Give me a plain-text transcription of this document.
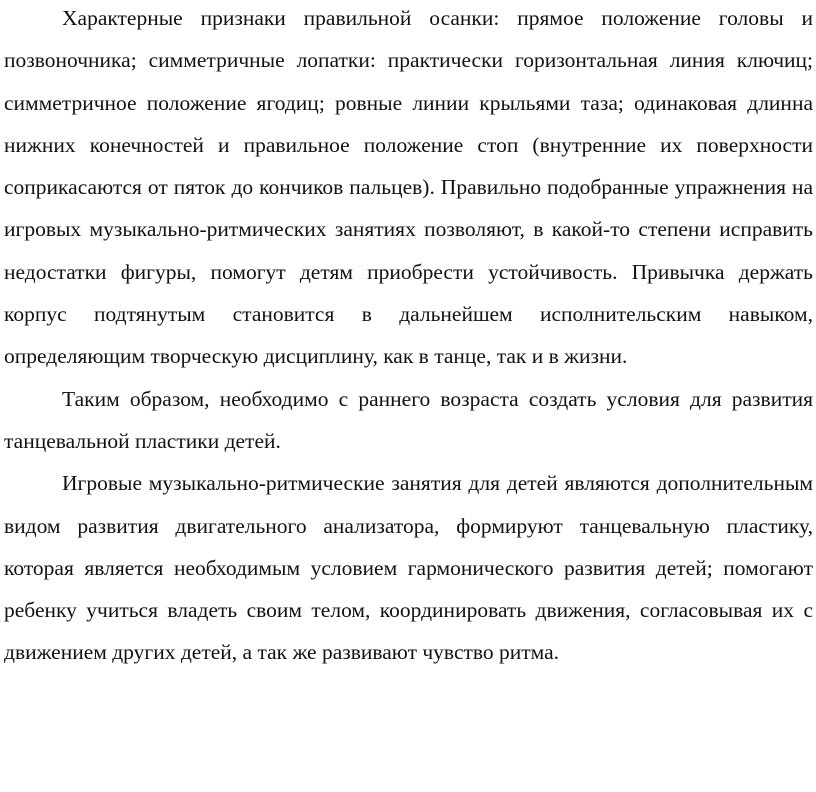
Характерные признаки правильной осанки: прямое положение головы и позвоночника; симметричные лопатки: практически горизонтальная линия ключиц; симметричное положение ягодиц; ровные линии крыльями таза; одинаковая длинна нижних конечностей и правильное положение стоп (внутренние их поверхности соприкасаются от пяток до кончиков пальцев). Правильно подобранные упражнения на игровых музыкально-ритмических занятиях позволяют, в какой-то степени исправить недостатки фигуры, помогут детям приобрести устойчивость. Привычка держать корпус подтянутым становится в дальнейшем исполнительским навыком, определяющим творческую дисциплину, как в танце, так и в жизни.

Таким образом, необходимо с раннего возраста создать условия для развития танцевальной пластики детей.

Игровые музыкально-ритмические занятия для детей являются дополнительным видом развития двигательного анализатора, формируют танцевальную пластику, которая является необходимым условием гармонического развития детей; помогают ребенку учиться владеть своим телом, координировать движения, согласовывая их с движением других детей, а так же развивают чувство ритма.
